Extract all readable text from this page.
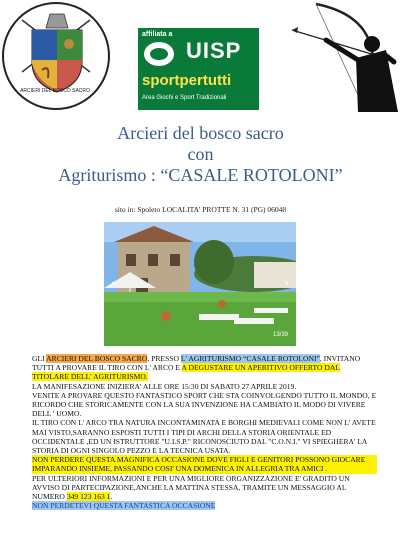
ARCIERI DEL BOSCO SACRO
affiliata a
UISP
sportpertutti
Area Giochi e Sport Tradizionali
Arcieri del bosco sacro
con
Agriturismo : “CASALE ROTOLONI”
sito in: Spoleto LOCALITA' PROTTE N. 31 (PG) 06048
‹	›
13/39

GLI ARCIERI DEL BOSCO SACRO, PRESSO L' AGRITURISMO “CASALE ROTOLONI”, INVITANO TUTTI A PROVARE IL TIRO CON L' ARCO E A DEGUSTARE UN APERITIVO OFFERTO DAL TITOLARE DELL' AGRITURISMO.

LA MANIFESAZIONE INIZIERA' ALLE ORE 15:30 DI SABATO 27 APRILE 2019.

VENITE A PROVARE QUESTO FANTASTICO SPORT CHE STA COINVOLGENDO TUTTO IL MONDO, E RICORDO CHE STORICAMENTE CON LA SUA INVENZIONE HA CAMBIATO IL MODO DI VIVERE DELL ' UOMO.

IL TIRO CON L' ARCO TRA NATURA INCONTAMINATA E BORGHI MEDIEVALI COME NON L' AVETE MAI VISTO,SARANNO ESPOSTI TUTTI I TIPI DI ARCHI DELLA STORIA ORIENTALE ED OCCIDENTALE ,ED UN ISTRUTTORE "U.I.S.P." RICONOSCIUTO DAL "C.O.N.I." VI SPIEGHERA' LA STORIA DI OGNI SINGOLO PEZZO E LA TECNICA USATA.

NON PERDERE QUESTA MAGNIFICA OCCASIONE DOVE FIGLI E GENITORI POSSONO GIOCARE IMPARANDO INSIEME, PASSANDO COSI' UNA DOMENICA IN ALLEGRIA TRA AMICI .

PER ULTERIORI INFORMAZIONI E PER UNA MIGLIORE ORGANIZZAZIONE E' GRADITO UN AVVISO DI PARTECIPAZIONE,ANCHE LA MATTINA STESSA, TRAMITE UN MESSAGGIO AL NUMERO 349 123 163 1.

NON PERDETEVI QUESTA FANTASTICA OCCASIONE
